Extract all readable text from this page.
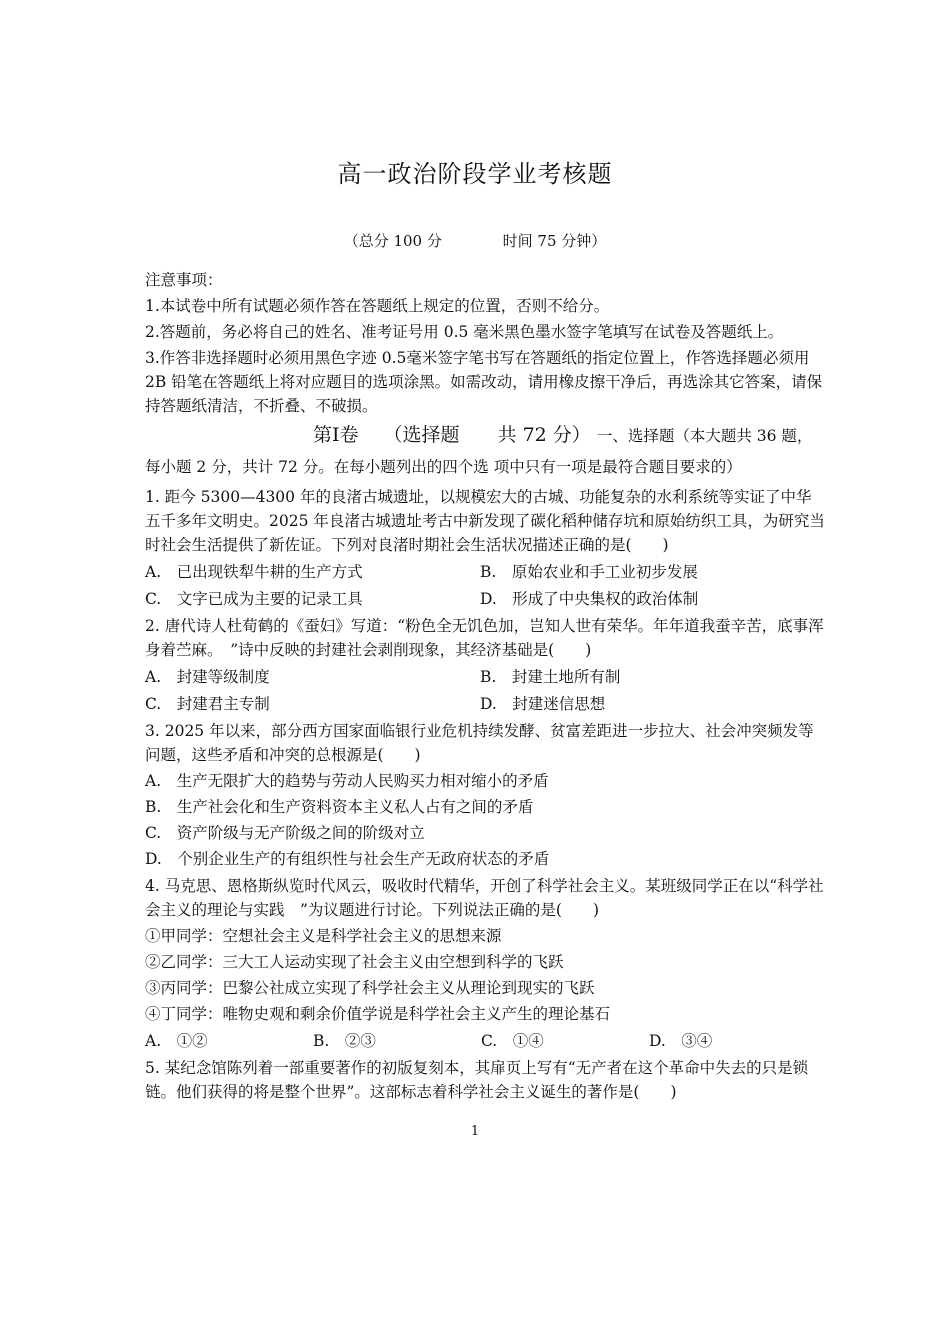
高一政治阶段学业考核题
（总分 100 分	时间 75 分钟）

注意事项：

1.本试卷中所有试题必须作答在答题纸上规定的位置，否则不给分。

2.答题前，务必将自己的姓名、准考证号用 0.5 毫米黑色墨水签字笔填写在试卷及答题纸上。

3.作答非选择题时必须用黑色字迹 0.5毫米签字笔书写在答题纸的指定位置上，作答选择题必须用 2B 铅笔在答题纸上将对应题目的选项涂黑。如需改动，请用橡皮擦干净后，再选涂其它答案，请保持答题纸清洁，不折叠、不破损。

第Ⅰ卷　 （选择题　　共 72 分）　一、选择题（本大题共 36 题，每小题 2 分，共计 72 分。在每小题列出的四个选 项中只有一项是最符合题目要求的）

1. 距今 5300—4300 年的良渚古城遗址，以规模宏大的古城、功能复杂的水利系统等实证了中华五千多年文明史。2025 年良渚古城遗址考古中新发现了碳化稻种储存坑和原始纺织工具，为研究当时社会生活提供了新佐证。下列对良渚时期社会生活状况描述正确的是(　　)

A.　已出现铁犁牛耕的生产方式	B.　原始农业和手工业初步发展
C.　文字已成为主要的记录工具	D.　形成了中央集权的政治体制

2. 唐代诗人杜荀鹤的《蚕妇》写道：“粉色全无饥色加，岂知人世有荣华。年年道我蚕辛苦，底事浑身着苎麻。　”诗中反映的封建社会剥削现象，其经济基础是(　　)

A.　封建等级制度	B.　封建土地所有制
C.　封建君主专制	D.　封建迷信思想

3. 2025 年以来，部分西方国家面临银行业危机持续发酵、贫富差距进一步拉大、社会冲突频发等问题，这些矛盾和冲突的总根源是(　　)

A.　生产无限扩大的趋势与劳动人民购买力相对缩小的矛盾

B.　生产社会化和生产资料资本主义私人占有之间的矛盾

C.　资产阶级与无产阶级之间的阶级对立

D.　个别企业生产的有组织性与社会生产无政府状态的矛盾

4. 马克思、恩格斯纵览时代风云，吸收时代精华，开创了科学社会主义。某班级同学正在以“科学社会主义的理论与实践　”为议题进行讨论。下列说法正确的是(　　)

①甲同学：空想社会主义是科学社会主义的思想来源

②乙同学：三大工人运动实现了社会主义由空想到科学的飞跃

③丙同学：巴黎公社成立实现了科学社会主义从理论到现实的飞跃

④丁同学：唯物史观和剩余价值学说是科学社会主义产生的理论基石

A.　①②	B.　②③	C.　①④	D.　③④

5. 某纪念馆陈列着一部重要著作的初版复刻本，其扉页上写有“无产者在这个革命中失去的只是锁链。他们获得的将是整个世界”。这部标志着科学社会主义诞生的著作是(　　)

1
